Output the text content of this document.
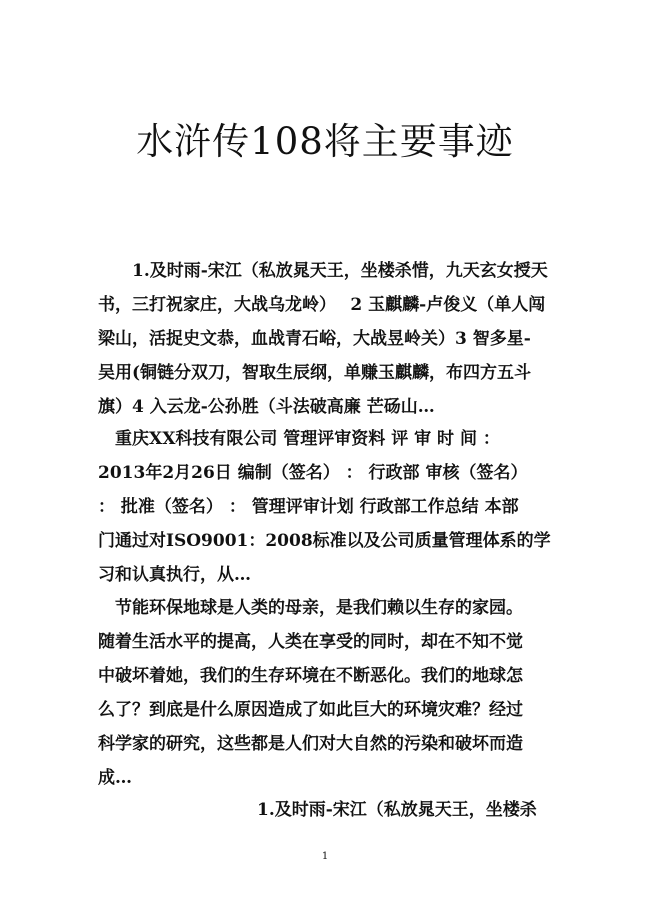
水浒传108将主要事迹
　　1.及时雨-宋江（私放晁天王，坐楼杀惜，九天玄女授天
书，三打祝家庄，大战乌龙岭）　 2 玉麒麟-卢俊义（单人闯
梁山，活捉史文恭，血战青石峪，大战昱岭关）3 智多星-
吴用(铜链分双刀，智取生辰纲，单赚玉麒麟，布四方五斗
旗）4 入云龙-公孙胜（斗法破高廉 芒砀山…
　重庆XX科技有限公司 管理评审资料 评 审 时 间 ：
2013年2月26日 编制（签名） ： 行政部 审核（签名）
： 批准（签名） ： 管理评审计划 行政部工作总结 本部
门通过对ISO9001：2008标准以及公司质量管理体系的学
习和认真执行，从…
　节能环保地球是人类的母亲，是我们赖以生存的家园。
随着生活水平的提高，人类在享受的同时，却在不知不觉
中破坏着她，我们的生存环境在不断恶化。我们的地球怎
么了？到底是什么原因造成了如此巨大的环境灾难？经过
科学家的研究，这些都是人们对大自然的污染和破坏而造
成…
1.及时雨-宋江（私放晁天王，坐楼杀
1
